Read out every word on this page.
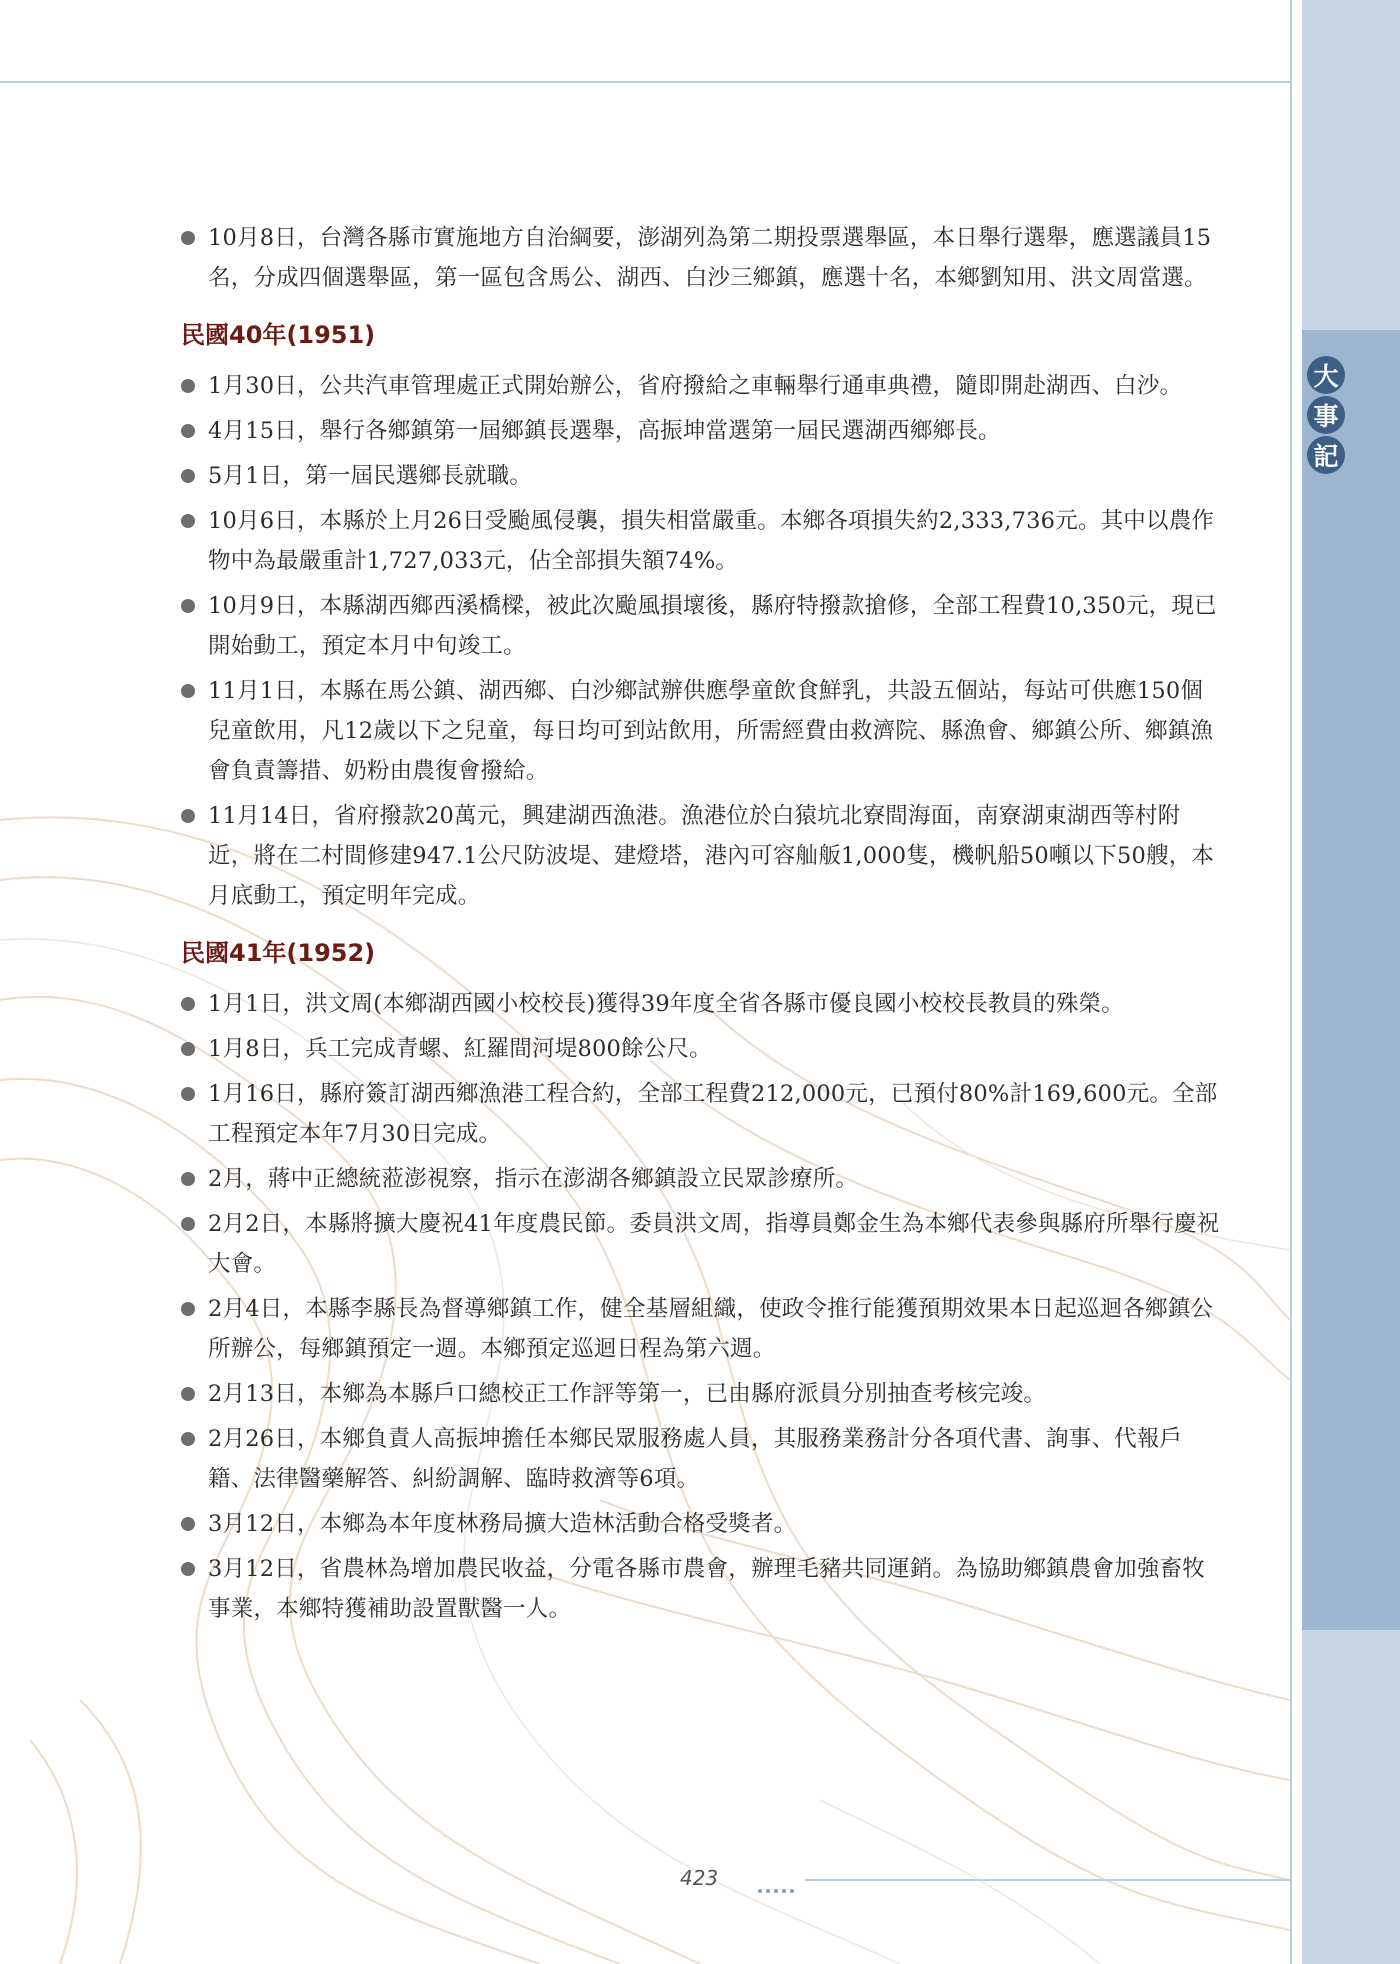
大
事
記
10月8日，台灣各縣市實施地方自治綱要，澎湖列為第二期投票選舉區，本日舉行選舉，應選議員15名，分成四個選舉區，第一區包含馬公、湖西、白沙三鄉鎮，應選十名，本鄉劉知用、洪文周當選。
民國40年(1951)
1月30日，公共汽車管理處正式開始辦公，省府撥給之車輛舉行通車典禮，隨即開赴湖西、白沙。
4月15日，舉行各鄉鎮第一屆鄉鎮長選舉，高振坤當選第一屆民選湖西鄉鄉長。
5月1日，第一屆民選鄉長就職。
10月6日，本縣於上月26日受颱風侵襲，損失相當嚴重。本鄉各項損失約2,333,736元。其中以農作物中為最嚴重計1,727,033元，佔全部損失額74%。
10月9日，本縣湖西鄉西溪橋樑，被此次颱風損壞後，縣府特撥款搶修，全部工程費10,350元，現已開始動工，預定本月中旬竣工。
11月1日，本縣在馬公鎮、湖西鄉、白沙鄉試辦供應學童飲食鮮乳，共設五個站，每站可供應150個兒童飲用，凡12歲以下之兒童，每日均可到站飲用，所需經費由救濟院、縣漁會、鄉鎮公所、鄉鎮漁會負責籌措、奶粉由農復會撥給。
11月14日，省府撥款20萬元，興建湖西漁港。漁港位於白猿坑北寮間海面，南寮湖東湖西等村附近，將在二村間修建947.1公尺防波堤、建燈塔，港內可容舢舨1,000隻，機帆船50噸以下50艘，本月底動工，預定明年完成。
民國41年(1952)
1月1日，洪文周(本鄉湖西國小校校長)獲得39年度全省各縣市優良國小校校長教員的殊榮。
1月8日，兵工完成青螺、紅羅間河堤800餘公尺。
1月16日，縣府簽訂湖西鄉漁港工程合約，全部工程費212,000元，已預付80%計169,600元。全部工程預定本年7月30日完成。
2月，蔣中正總統蒞澎視察，指示在澎湖各鄉鎮設立民眾診療所。
2月2日，本縣將擴大慶祝41年度農民節。委員洪文周，指導員鄭金生為本鄉代表參與縣府所舉行慶祝大會。
2月4日，本縣李縣長為督導鄉鎮工作，健全基層組織，使政令推行能獲預期效果本日起巡迴各鄉鎮公所辦公，每鄉鎮預定一週。本鄉預定巡迴日程為第六週。
2月13日，本鄉為本縣戶口總校正工作評等第一，已由縣府派員分別抽查考核完竣。
2月26日，本鄉負責人高振坤擔任本鄉民眾服務處人員，其服務業務計分各項代書、詢事、代報戶籍、法律醫藥解答、糾紛調解、臨時救濟等6項。
3月12日，本鄉為本年度林務局擴大造林活動合格受獎者。
3月12日，省農林為增加農民收益，分電各縣市農會，辦理毛豬共同運銷。為協助鄉鎮農會加強畜牧事業，本鄉特獲補助設置獸醫一人。
423
